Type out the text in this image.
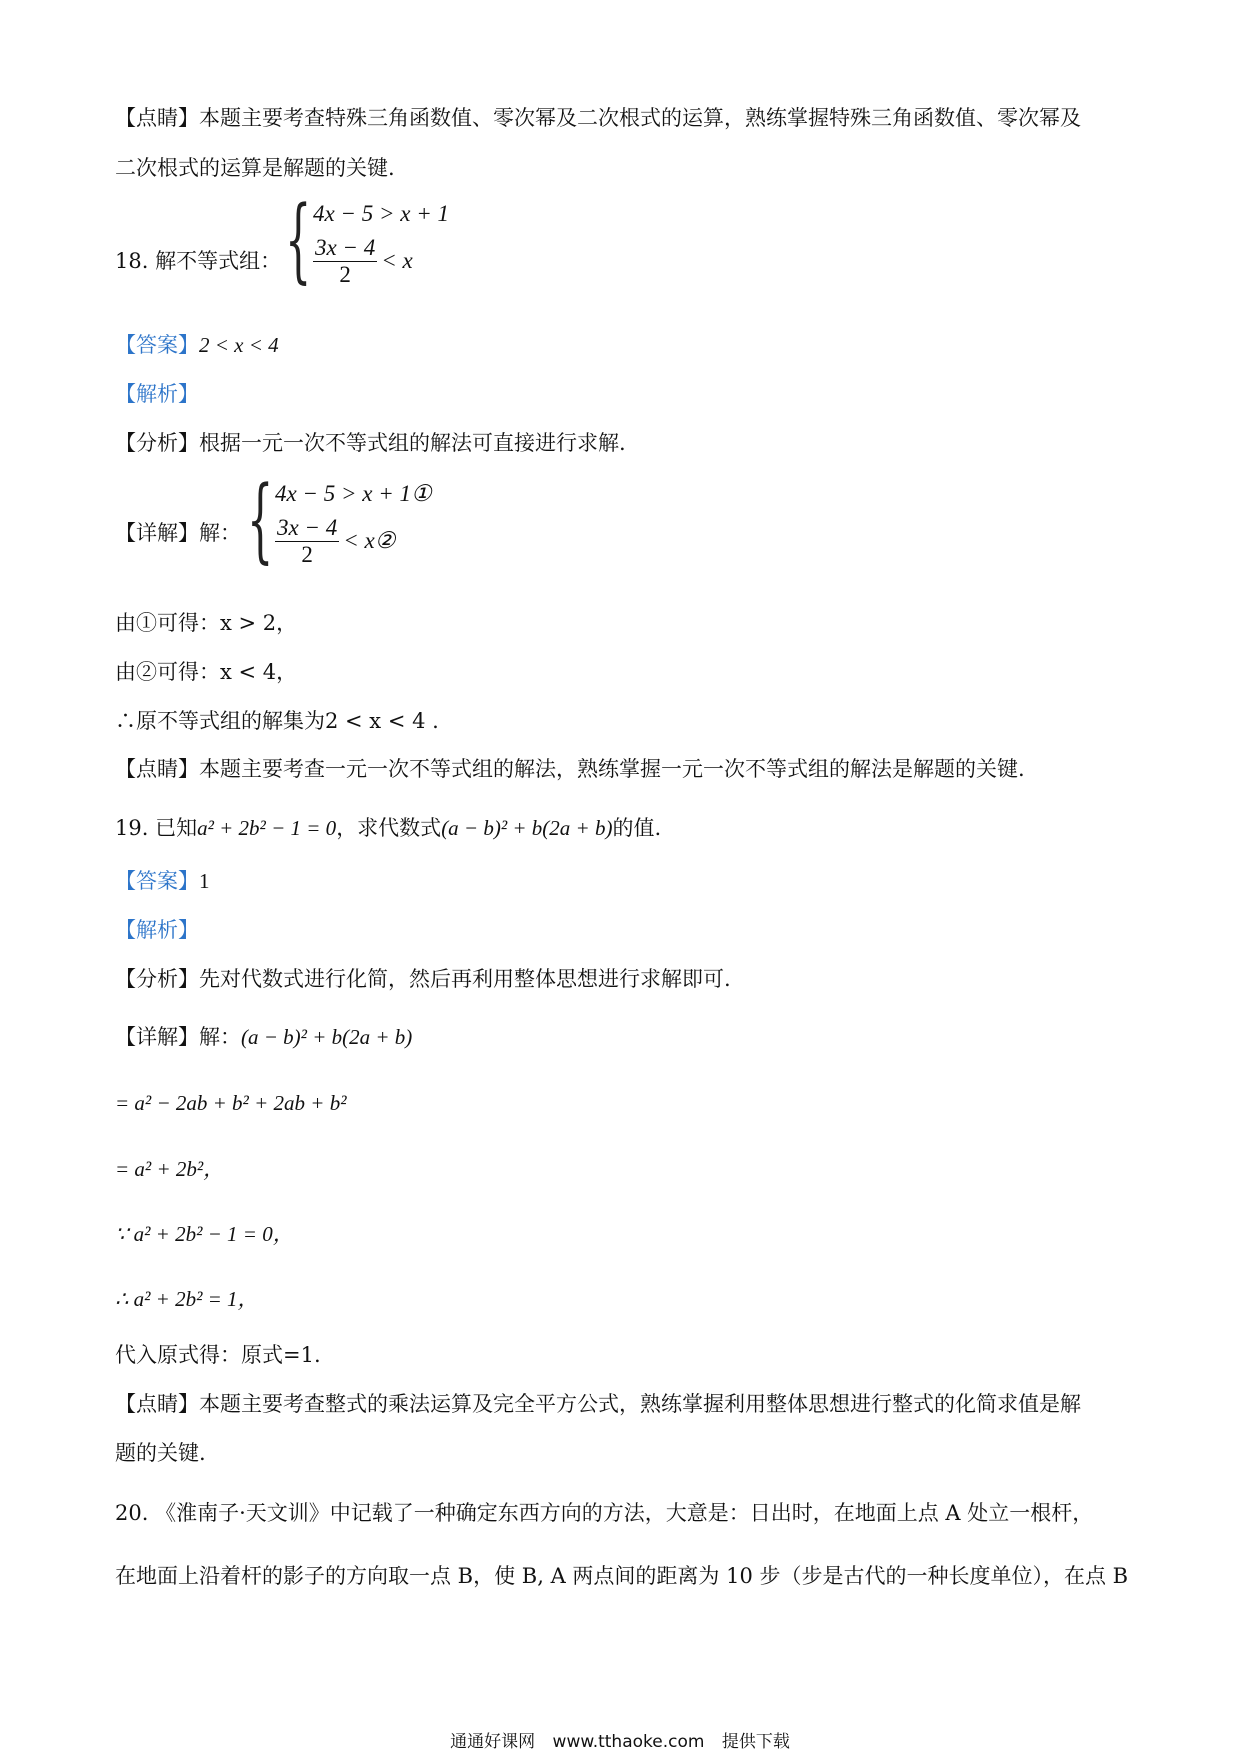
【点睛】本题主要考查特殊三角函数值、零次幂及二次根式的运算，熟练掌握特殊三角函数值、零次幂及
二次根式的运算是解题的关键.
18. 解不等式组： { 4x − 5 > x + 1
$\frac{3x - 4}{2} < x$
【答案】2 < x < 4
【解析】
【分析】根据一元一次不等式组的解法可直接进行求解.
【详解】解： { 4x − 5 > x + 1①
$\frac{3x - 4}{2}$ < x②
由①可得：x > 2，
由②可得：x < 4，
∴原不等式组的解集为2 < x < 4 .
【点睛】本题主要考查一元一次不等式组的解法，熟练掌握一元一次不等式组的解法是解题的关键.
19. 已知a² + 2b² − 1 = 0，求代数式(a − b)² + b(2a + b)的值.
【答案】1
【解析】
【分析】先对代数式进行化简，然后再利用整体思想进行求解即可.
【详解】解：(a − b)² + b(2a + b)
= a² − 2ab + b² + 2ab + b²
= a² + 2b²，
∵ a² + 2b² − 1 = 0，
∴ a² + 2b² = 1，
代入原式得：原式=1.
【点睛】本题主要考查整式的乘法运算及完全平方公式，熟练掌握利用整体思想进行整式的化简求值是解
题的关键.
20. 《淮南子·天文训》中记载了一种确定东西方向的方法，大意是：日出时，在地面上点 A 处立一根杆，
在地面上沿着杆的影子的方向取一点 B，使 B, A 两点间的距离为 10 步（步是古代的一种长度单位），在点 B
通通好课网 www.tthaoke.com 提供下载
